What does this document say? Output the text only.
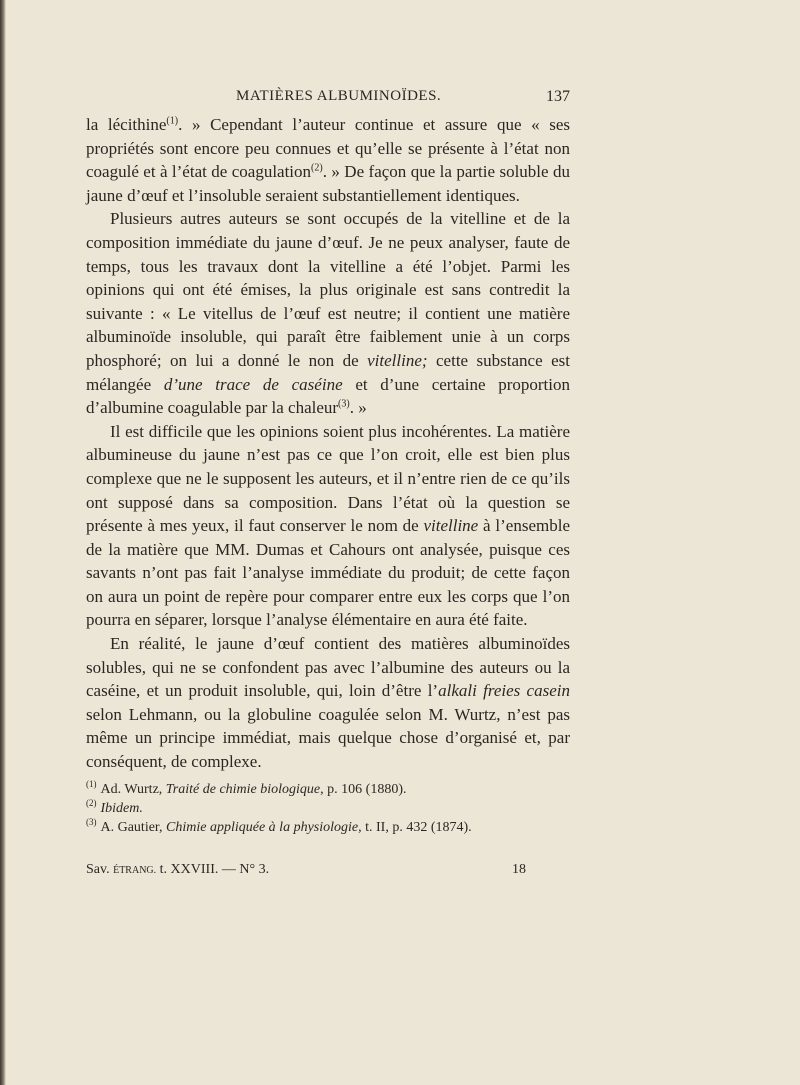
MATIÈRES ALBUMINOÏDES.	137

la lécithine$^{(1)}$. » Cependant l’auteur continue et assure que « ses propriétés sont encore peu connues et qu’elle se présente à l’état non coagulé et à l’état de coagulation$^{(2)}$. » De façon que la partie soluble du jaune d’œuf et l’insoluble seraient substantiellement identiques.

Plusieurs autres auteurs se sont occupés de la vitelline et de la composition immédiate du jaune d’œuf. Je ne peux analyser, faute de temps, tous les travaux dont la vitelline a été l’objet. Parmi les opinions qui ont été émises, la plus originale est sans contredit la suivante : « Le vitellus de l’œuf est neutre; il contient une matière albuminoïde insoluble, qui paraît être faiblement unie à un corps phosphoré; on lui a donné le non de vitelline; cette substance est mélangée d’une trace de caséine et d’une certaine proportion d’albumine coagulable par la chaleur$^{(3)}$. »

Il est difficile que les opinions soient plus incohérentes. La matière albumineuse du jaune n’est pas ce que l’on croit, elle est bien plus complexe que ne le supposent les auteurs, et il n’entre rien de ce qu’ils ont supposé dans sa composition. Dans l’état où la question se présente à mes yeux, il faut conserver le nom de vitelline à l’ensemble de la matière que MM. Dumas et Cahours ont analysée, puisque ces savants n’ont pas fait l’analyse immédiate du produit; de cette façon on aura un point de repère pour comparer entre eux les corps que l’on pourra en séparer, lorsque l’analyse élémentaire en aura été faite.

En réalité, le jaune d’œuf contient des matières albuminoïdes solubles, qui ne se confondent pas avec l’albumine des auteurs ou la caséine, et un produit insoluble, qui, loin d’être l’alkali freies casein selon Lehmann, ou la globuline coagulée selon M. Wurtz, n’est pas même un principe immédiat, mais quelque chose d’organisé et, par conséquent, de complexe.

$^{(1)}$ Ad. Wurtz, Traité de chimie biologique, p. 106 (1880).

$^{(2)}$ Ibidem.

$^{(3)}$ A. Gautier, Chimie appliquée à la physiologie, t. II, p. 432 (1874).

Sav. ÉTRANG. t. XXVIII. — N° 3.	18
